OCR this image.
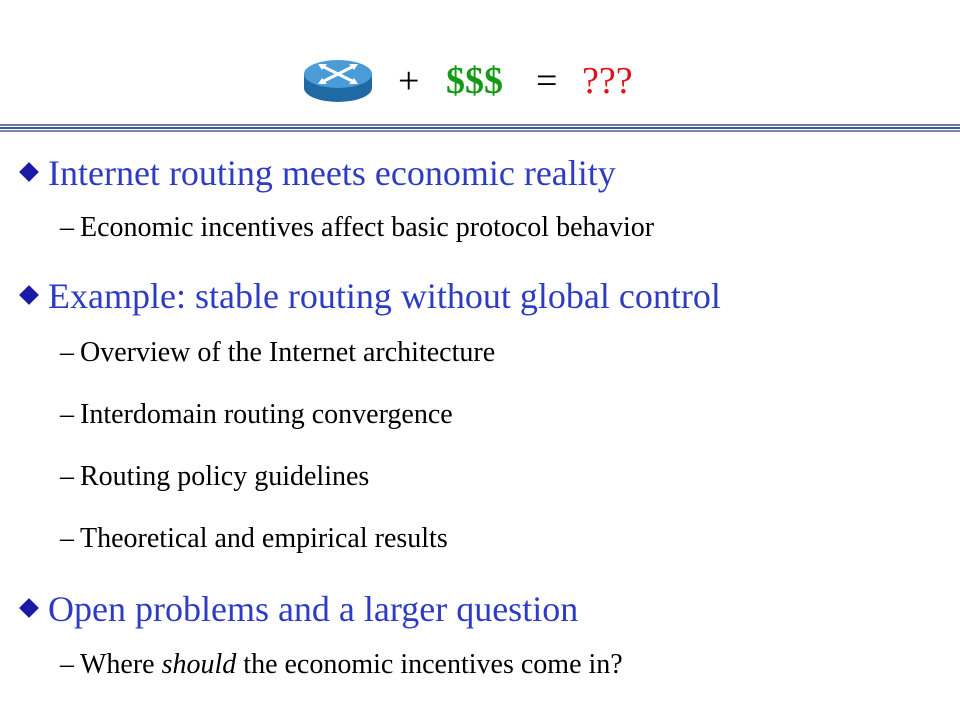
+ $$$ = ???
Internet routing meets economic reality
– Economic incentives affect basic protocol behavior
Example: stable routing without global control
– Overview of the Internet architecture
– Interdomain routing convergence
– Routing policy guidelines
– Theoretical and empirical results
Open problems and a larger question
– Where should the economic incentives come in?
